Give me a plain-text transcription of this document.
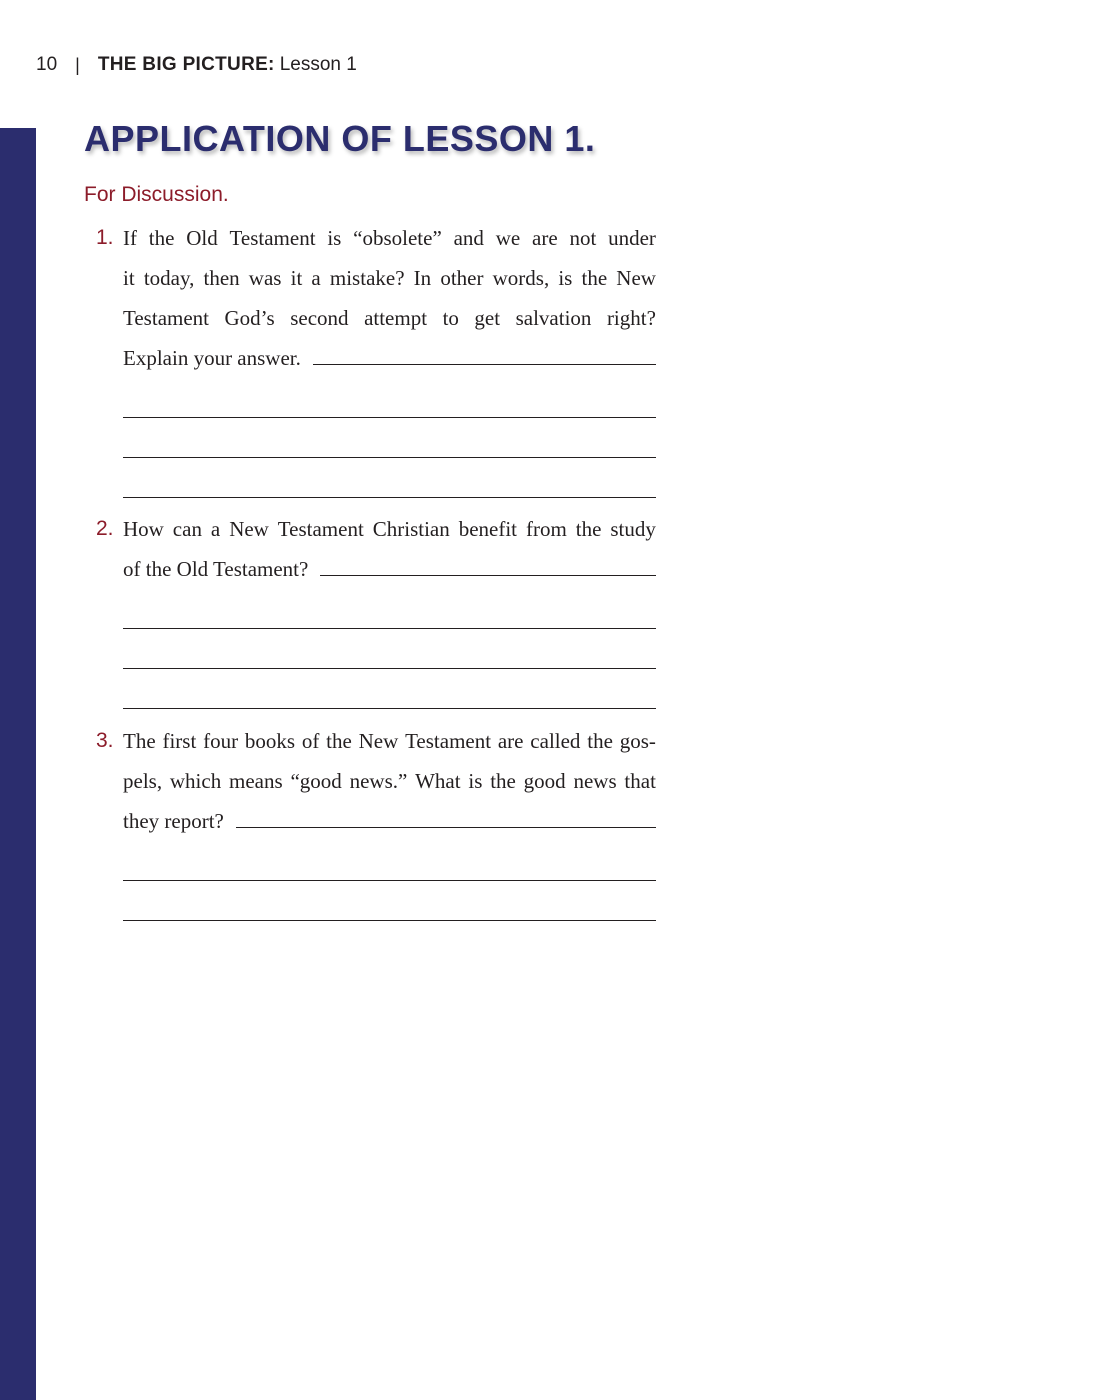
10 | THE BIG PICTURE: Lesson 1
APPLICATION OF LESSON 1.
For Discussion.
1. If the Old Testament is “obsolete” and we are not under
it today, then was it a mistake? In other words, is the New
Testament God’s second attempt to get salvation right?
Explain your answer.
2. How can a New Testament Christian benefit from the study
of the Old Testament?
3. The first four books of the New Testament are called the gos-
pels, which means “good news.” What is the good news that
they report?
